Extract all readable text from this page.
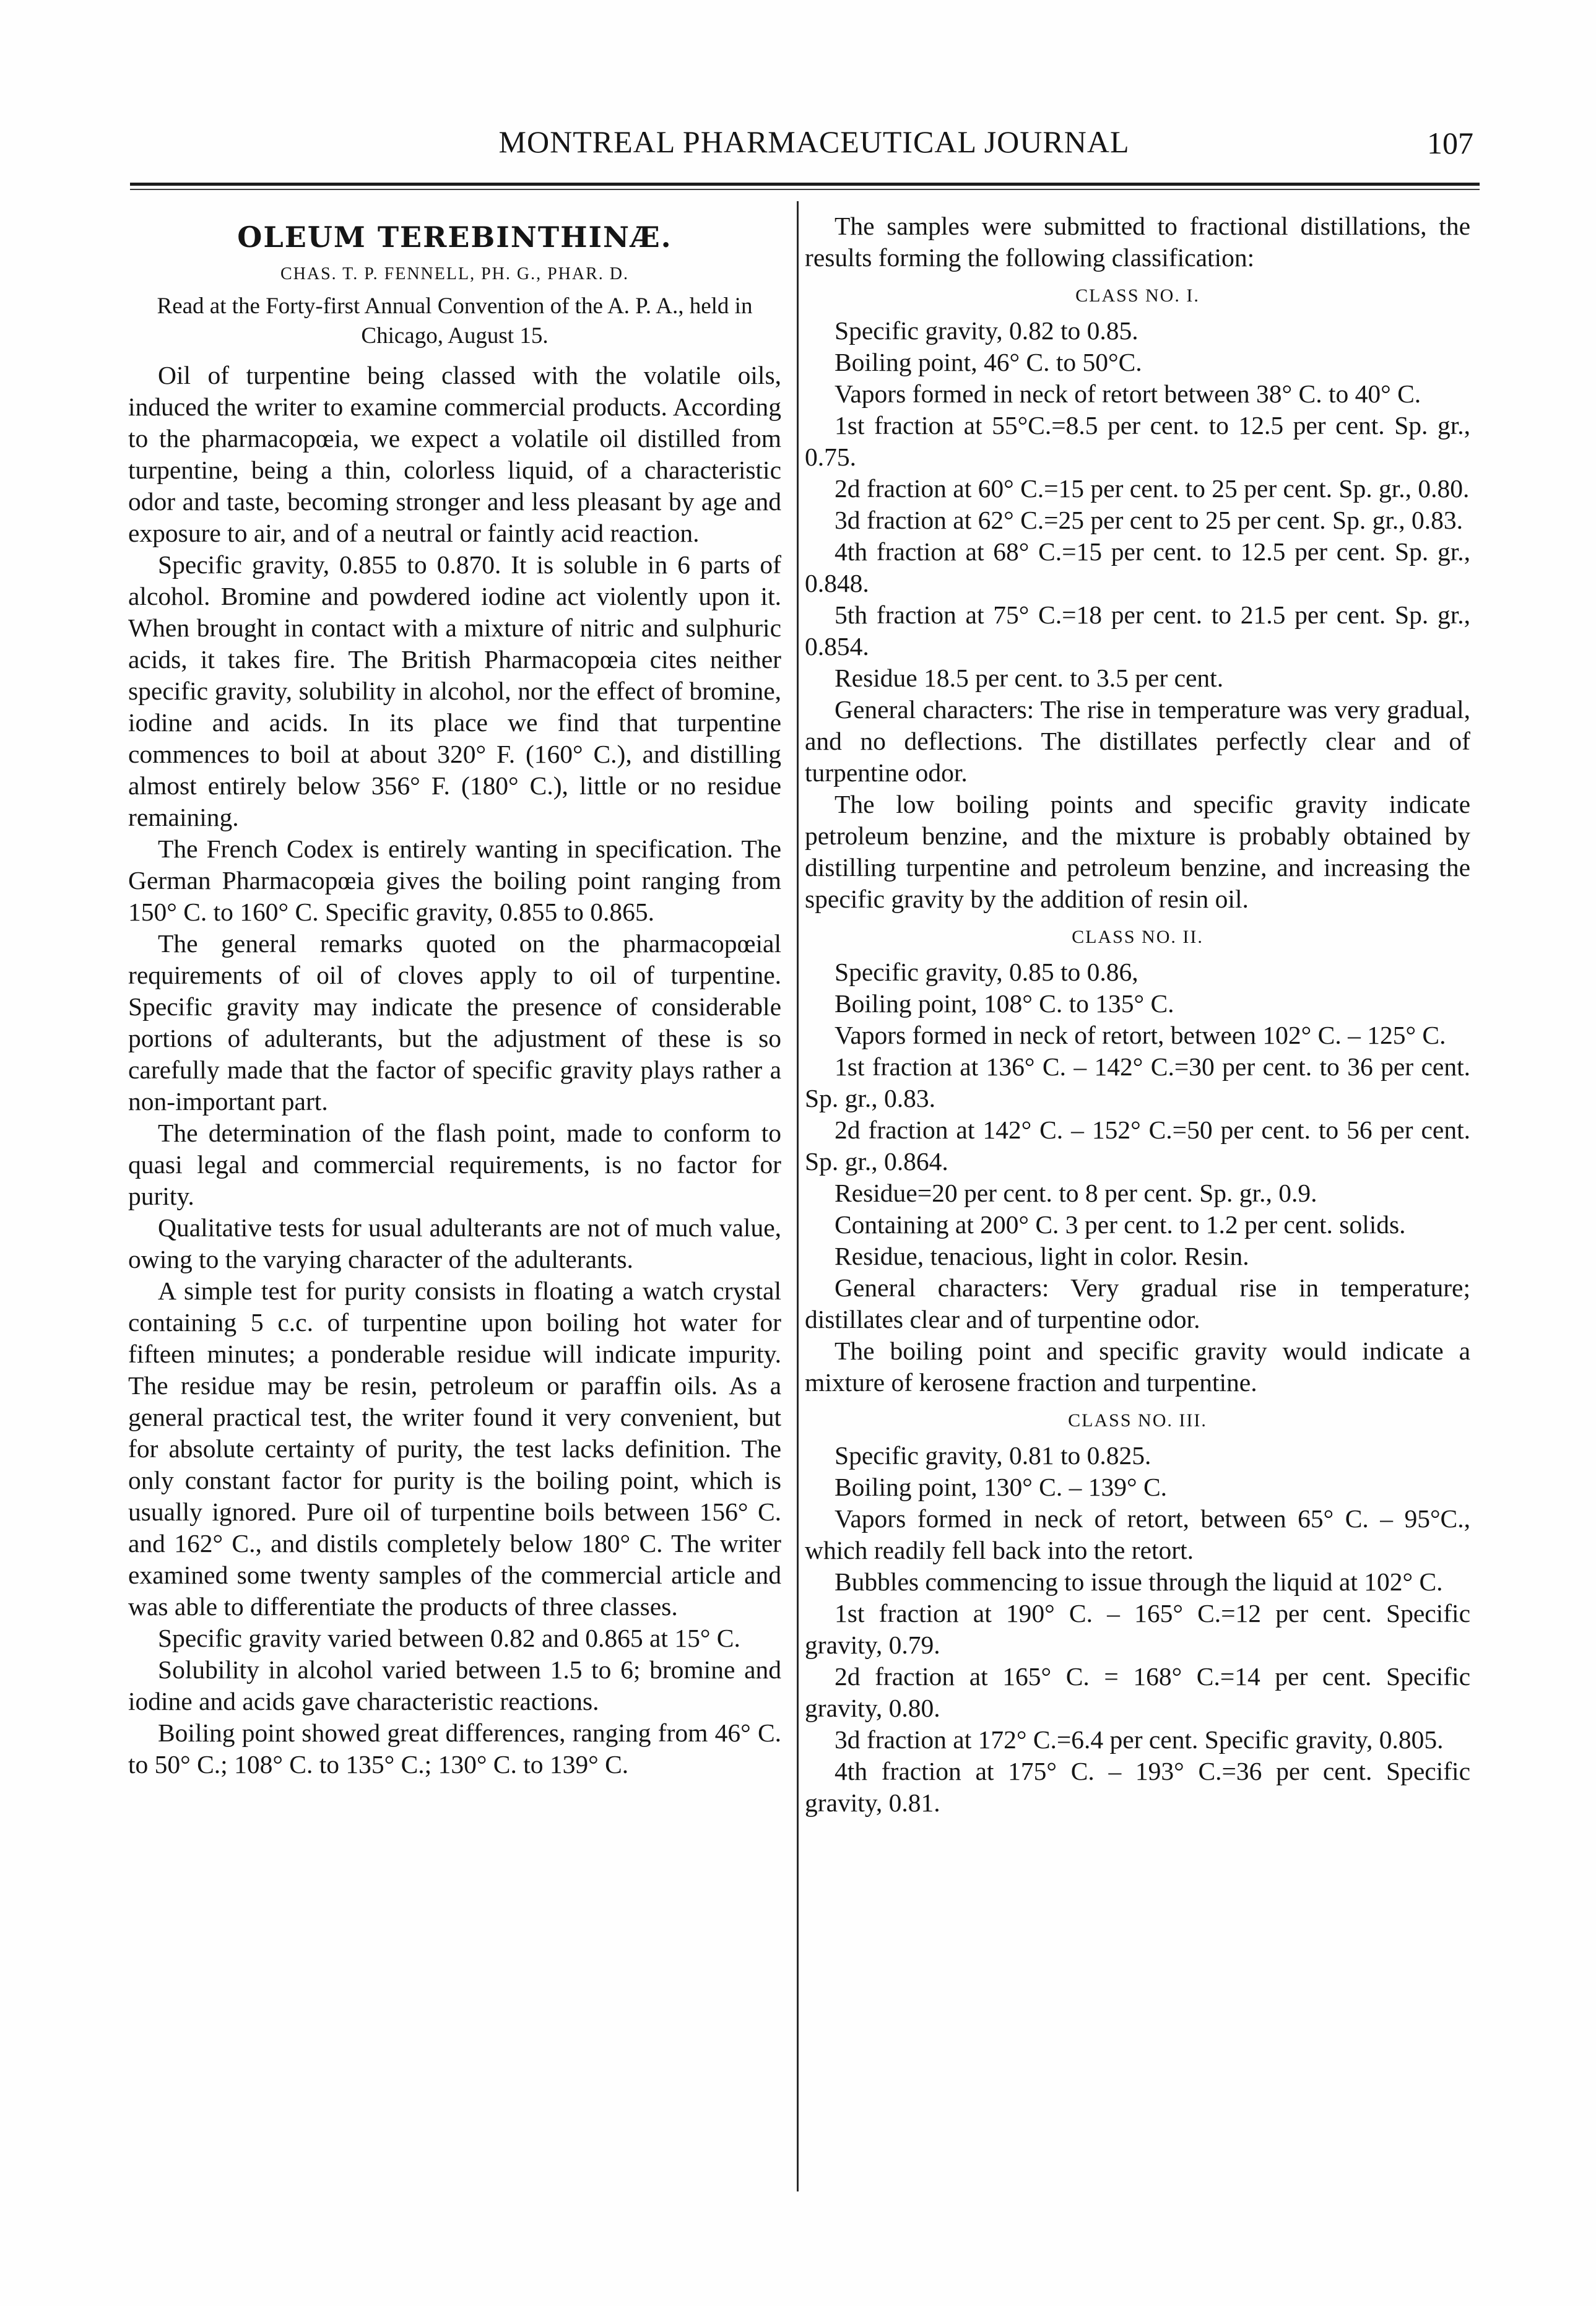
MONTREAL PHARMACEUTICAL JOURNAL	107
OLEUM TEREBINTHINÆ.
CHAS. T. P. FENNELL, PH. G., PHAR. D.
Read at the Forty-first Annual Convention of the A. P. A., held in Chicago, August 15.

Oil of turpentine being classed with the volatile oils, induced the writer to examine commercial products. According to the pharmacopœia, we expect a volatile oil distilled from turpentine, being a thin, colorless liquid, of a characteristic odor and taste, becoming stronger and less pleasant by age and exposure to air, and of a neutral or faintly acid reaction.

Specific gravity, 0.855 to 0.870. It is soluble in 6 parts of alcohol. Bromine and powdered iodine act violently upon it. When brought in contact with a mixture of nitric and sulphuric acids, it takes fire. The British Pharmacopœia cites neither specific gravity, solubility in alcohol, nor the effect of bromine, iodine and acids. In its place we find that turpentine commences to boil at about 320° F. (160° C.), and distilling almost entirely below 356° F. (180° C.), little or no residue remaining.

The French Codex is entirely wanting in specification. The German Pharmacopœia gives the boiling point ranging from 150° C. to 160° C. Specific gravity, 0.855 to 0.865.

The general remarks quoted on the pharmacopœial requirements of oil of cloves apply to oil of turpentine. Specific gravity may indicate the presence of considerable portions of adulterants, but the adjustment of these is so carefully made that the factor of specific gravity plays rather a non-important part.

The determination of the flash point, made to conform to quasi legal and commercial requirements, is no factor for purity.

Qualitative tests for usual adulterants are not of much value, owing to the varying character of the adulterants.

A simple test for purity consists in floating a watch crystal containing 5 c.c. of turpentine upon boiling hot water for fifteen minutes; a ponderable residue will indicate impurity. The residue may be resin, petroleum or paraffin oils. As a general practical test, the writer found it very convenient, but for absolute certainty of purity, the test lacks definition. The only constant factor for purity is the boiling point, which is usually ignored. Pure oil of turpentine boils between 156° C. and 162° C., and distils completely below 180° C. The writer examined some twenty samples of the commercial article and was able to differentiate the products of three classes.

Specific gravity varied between 0.82 and 0.865 at 15° C.

Solubility in alcohol varied between 1.5 to 6; bromine and iodine and acids gave characteristic reactions.

Boiling point showed great differences, ranging from 46° C. to 50° C.; 108° C. to 135° C.; 130° C. to 139° C.

The samples were submitted to fractional distillations, the results forming the following classification:

CLASS NO. I.

Specific gravity, 0.82 to 0.85.

Boiling point, 46° C. to 50°C.

Vapors formed in neck of retort between 38° C. to 40° C.

1st fraction at 55°C.=8.5 per cent. to 12.5 per cent. Sp. gr., 0.75.

2d fraction at 60° C.=15 per cent. to 25 per cent. Sp. gr., 0.80.

3d fraction at 62° C.=25 per cent to 25 per cent. Sp. gr., 0.83.

4th fraction at 68° C.=15 per cent. to 12.5 per cent. Sp. gr., 0.848.

5th fraction at 75° C.=18 per cent. to 21.5 per cent. Sp. gr., 0.854.

Residue 18.5 per cent. to 3.5 per cent.

General characters: The rise in temperature was very gradual, and no deflections. The distillates perfectly clear and of turpentine odor.

The low boiling points and specific gravity indicate petroleum benzine, and the mixture is probably obtained by distilling turpentine and petroleum benzine, and increasing the specific gravity by the addition of resin oil.

CLASS NO. II.

Specific gravity, 0.85 to 0.86,

Boiling point, 108° C. to 135° C.

Vapors formed in neck of retort, between 102° C. – 125° C.

1st fraction at 136° C. – 142° C.=30 per cent. to 36 per cent. Sp. gr., 0.83.

2d fraction at 142° C. – 152° C.=50 per cent. to 56 per cent. Sp. gr., 0.864.

Residue=20 per cent. to 8 per cent. Sp. gr., 0.9.

Containing at 200° C. 3 per cent. to 1.2 per cent. solids.

Residue, tenacious, light in color. Resin.

General characters: Very gradual rise in temperature; distillates clear and of turpentine odor.

The boiling point and specific gravity would indicate a mixture of kerosene fraction and turpentine.

CLASS NO. III.

Specific gravity, 0.81 to 0.825.

Boiling point, 130° C. – 139° C.

Vapors formed in neck of retort, between 65° C. – 95°C., which readily fell back into the retort.

Bubbles commencing to issue through the liquid at 102° C.

1st fraction at 190° C. – 165° C.=12 per cent. Specific gravity, 0.79.

2d fraction at 165° C. = 168° C.=14 per cent. Specific gravity, 0.80.

3d fraction at 172° C.=6.4 per cent. Specific gravity, 0.805.

4th fraction at 175° C. – 193° C.=36 per cent. Specific gravity, 0.81.
